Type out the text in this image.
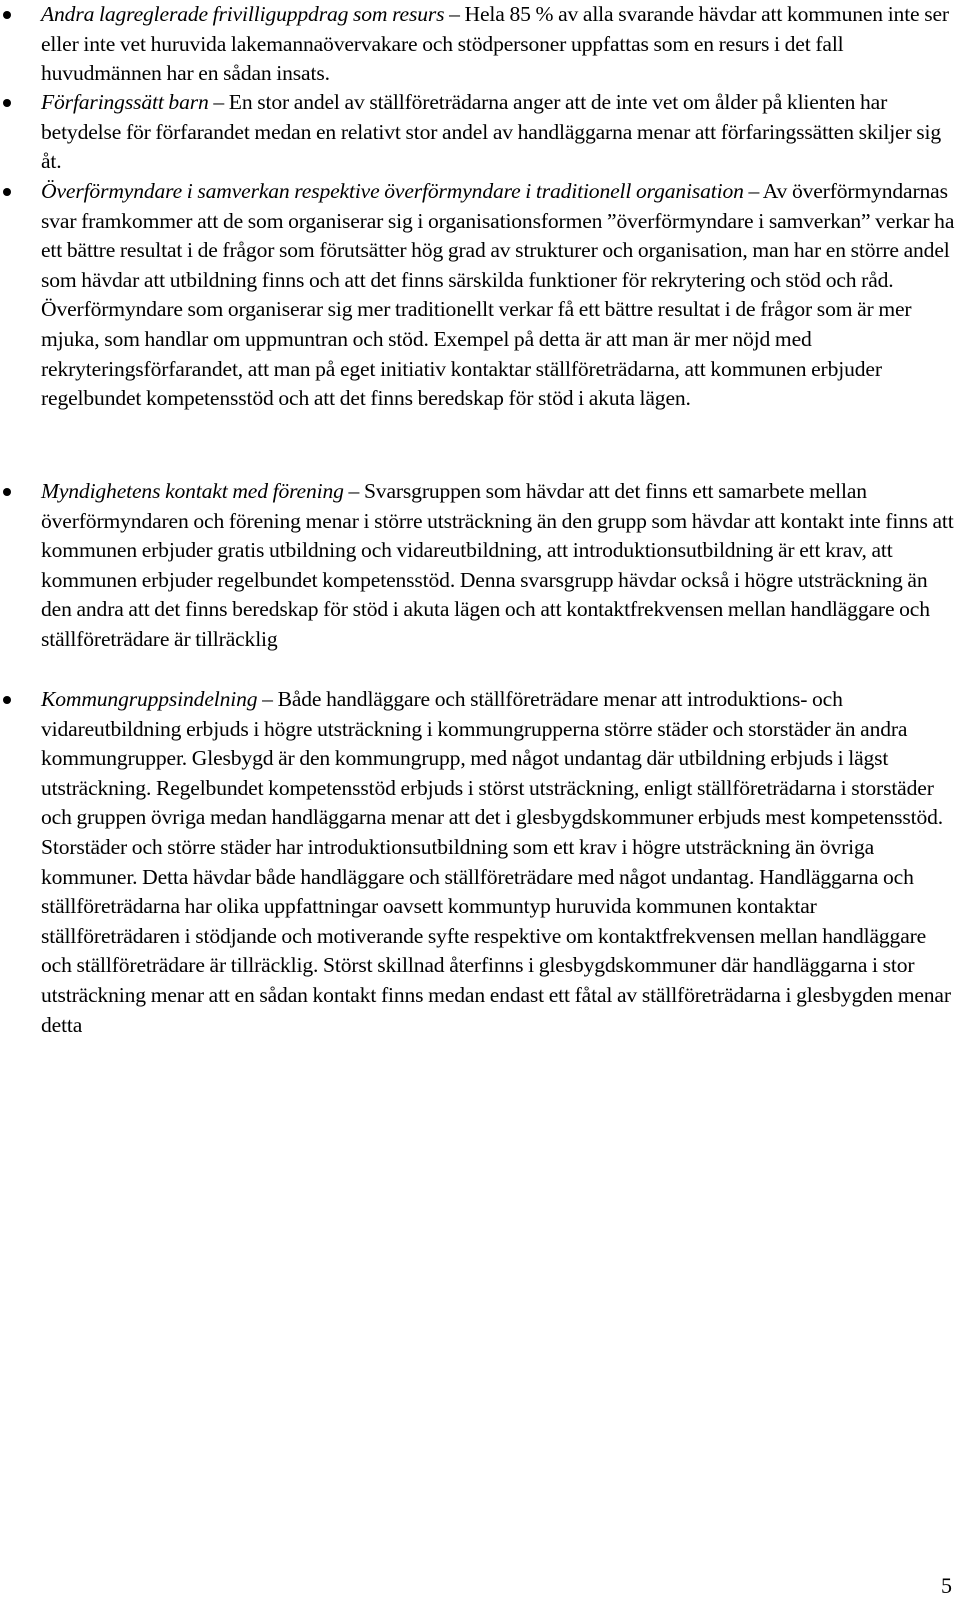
Andra lagreglerade frivilliguppdrag som resurs – Hela 85 % av alla svarande hävdar att kommunen inte ser eller inte vet huruvida lakemannaövervakare och stödpersoner uppfattas som en resurs i det fall huvudmännen har en sådan insats.
Förfaringssätt barn – En stor andel av ställföreträdarna anger att de inte vet om ålder på klienten har betydelse för förfarandet medan en relativt stor andel av handläggarna menar att förfaringssätten skiljer sig åt.
Överförmyndare i samverkan respektive överförmyndare i traditionell organisation – Av överförmyndarnas svar framkommer att de som organiserar sig i organisationsformen ”överförmyndare i samverkan” verkar ha ett bättre resultat i de frågor som förutsätter hög grad av strukturer och organisation, man har en större andel som hävdar att utbildning finns och att det finns särskilda funktioner för rekrytering och stöd och råd. Överförmyndare som organiserar sig mer traditionellt verkar få ett bättre resultat i de frågor som är mer mjuka, som handlar om uppmuntran och stöd. Exempel på detta är att man är mer nöjd med rekryteringsförfarandet, att man på eget initiativ kontaktar ställföreträdarna, att kommunen erbjuder regelbundet kompetensstöd och att det finns beredskap för stöd i akuta lägen.
Myndighetens kontakt med förening – Svarsgruppen som hävdar att det finns ett samarbete mellan överförmyndaren och förening menar i större utsträckning än den grupp som hävdar att kontakt inte finns att kommunen erbjuder gratis utbildning och vidareutbildning, att introduktionsutbildning är ett krav, att kommunen erbjuder regelbundet kompetensstöd. Denna svarsgrupp hävdar också i högre utsträckning än den andra att det finns beredskap för stöd i akuta lägen och att kontaktfrekvensen mellan handläggare och ställföreträdare är tillräcklig
Kommungruppsindelning – Både handläggare och ställföreträdare menar att introduktions- och vidareutbildning erbjuds i högre utsträckning i kommungrupperna större städer och storstäder än andra kommungrupper. Glesbygd är den kommungrupp, med något undantag där utbildning erbjuds i lägst utsträckning. Regelbundet kompetensstöd erbjuds i störst utsträckning, enligt ställföreträdarna i storstäder och gruppen övriga medan handläggarna menar att det i glesbygdskommuner erbjuds mest kompetensstöd. Storstäder och större städer har introduktionsutbildning som ett krav i högre utsträckning än övriga kommuner. Detta hävdar både handläggare och ställföreträdare med något undantag. Handläggarna och ställföreträdarna har olika uppfattningar oavsett kommuntyp huruvida kommunen kontaktar ställföreträdaren i stödjande och motiverande syfte respektive om kontaktfrekvensen mellan handläggare och ställföreträdare är tillräcklig. Störst skillnad återfinns i glesbygdskommuner där handläggarna i stor utsträckning menar att en sådan kontakt finns medan endast ett fåtal av ställföreträdarna i glesbygden menar detta
5
